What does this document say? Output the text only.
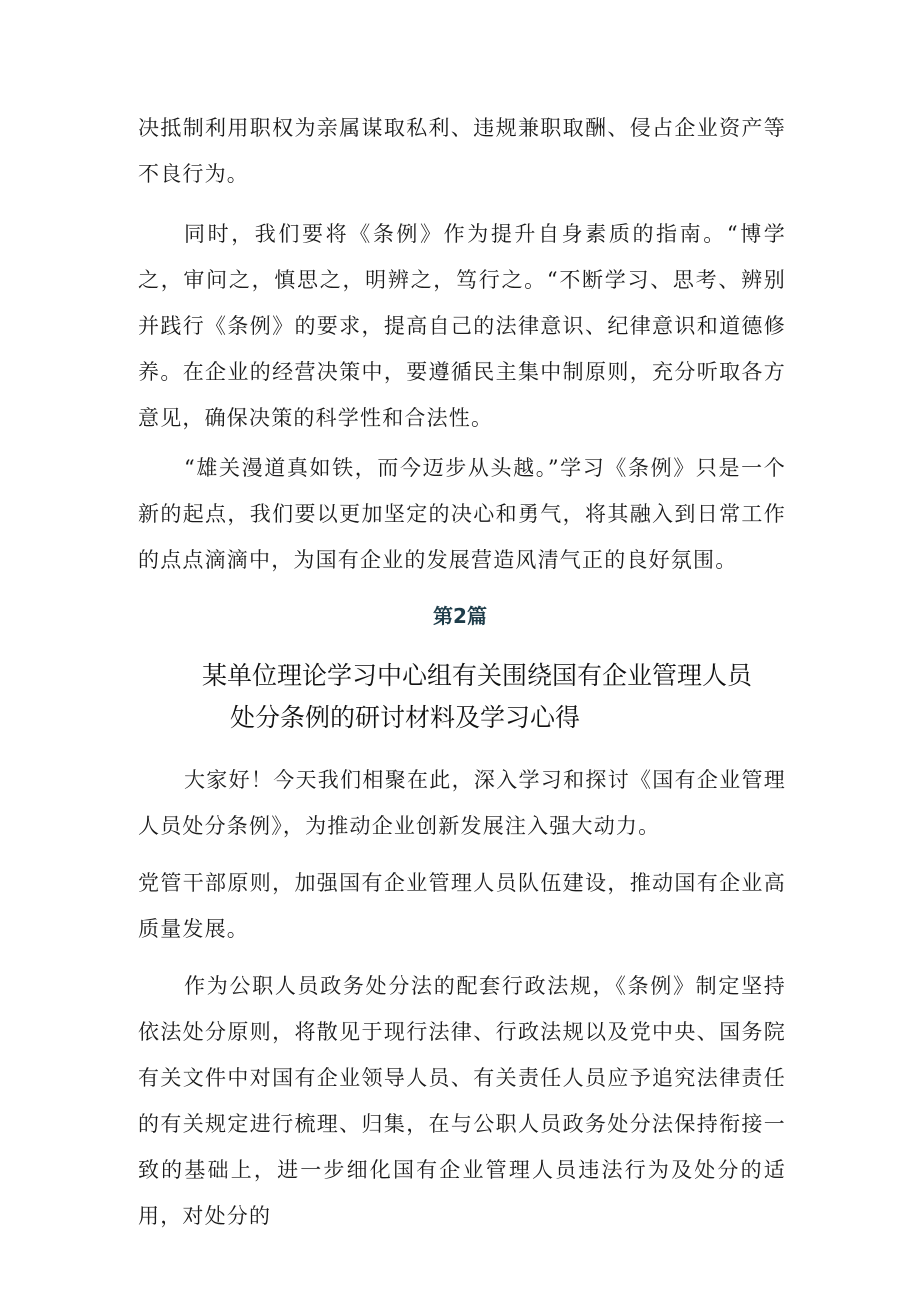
决抵制利用职权为亲属谋取私利、违规兼职取酬、侵占企业资产等不良行为。

同时，我们要将《条例》作为提升自身素质的指南。“博学之，审问之，慎思之，明辨之，笃行之。“不断学习、思考、辨别并践行《条例》的要求，提高自己的法律意识、纪律意识和道德修养。在企业的经营决策中，要遵循民主集中制原则，充分听取各方意见，确保决策的科学性和合法性。

“雄关漫道真如铁，而今迈步从头越。”学习《条例》只是一个新的起点，我们要以更加坚定的决心和勇气，将其融入到日常工作的点点滴滴中，为国有企业的发展营造风清气正的良好氛围。

第2篇
某单位理论学习中心组有关围绕国有企业管理人员
处分条例的研讨材料及学习心得

大家好！今天我们相聚在此，深入学习和探讨《国有企业管理人员处分条例》，为推动企业创新发展注入强大动力。

党管干部原则，加强国有企业管理人员队伍建设，推动国有企业高质量发展。

作为公职人员政务处分法的配套行政法规，《条例》制定坚持依法处分原则，将散见于现行法律、行政法规以及党中央、国务院有关文件中对国有企业领导人员、有关责任人员应予追究法律责任的有关规定进行梳理、归集，在与公职人员政务处分法保持衔接一致的基础上，进一步细化国有企业管理人员违法行为及处分的适用，对处分的
